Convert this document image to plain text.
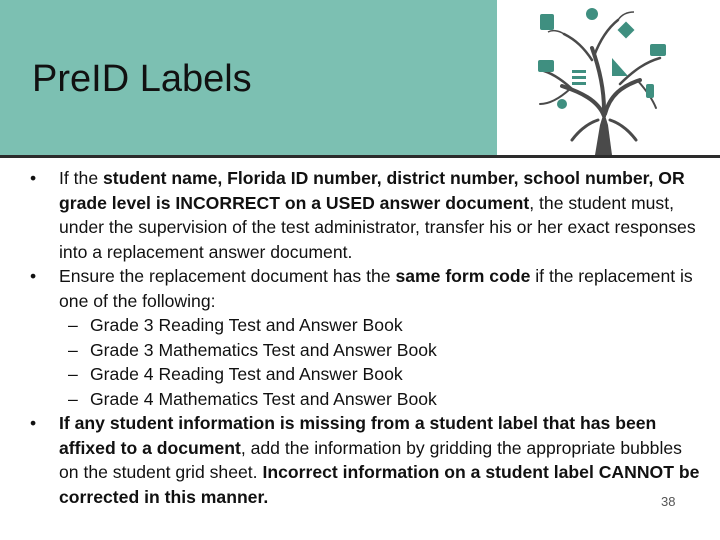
PreID Labels
• If the student name, Florida ID number, district number, school number, OR grade level is INCORRECT on a USED answer document, the student must, under the supervision of the test administrator, transfer his or her exact responses into a replacement answer document.
• Ensure the replacement document has the same form code if the replacement is one of the following:
– Grade 3 Reading Test and Answer Book
– Grade 3 Mathematics Test and Answer Book
– Grade 4 Reading Test and Answer Book
– Grade 4 Mathematics Test and Answer Book
• If any student information is missing from a student label that has been affixed to a document, add the information by gridding the appropriate bubbles on the student grid sheet. Incorrect information on a student label CANNOT be corrected in this manner.	38
